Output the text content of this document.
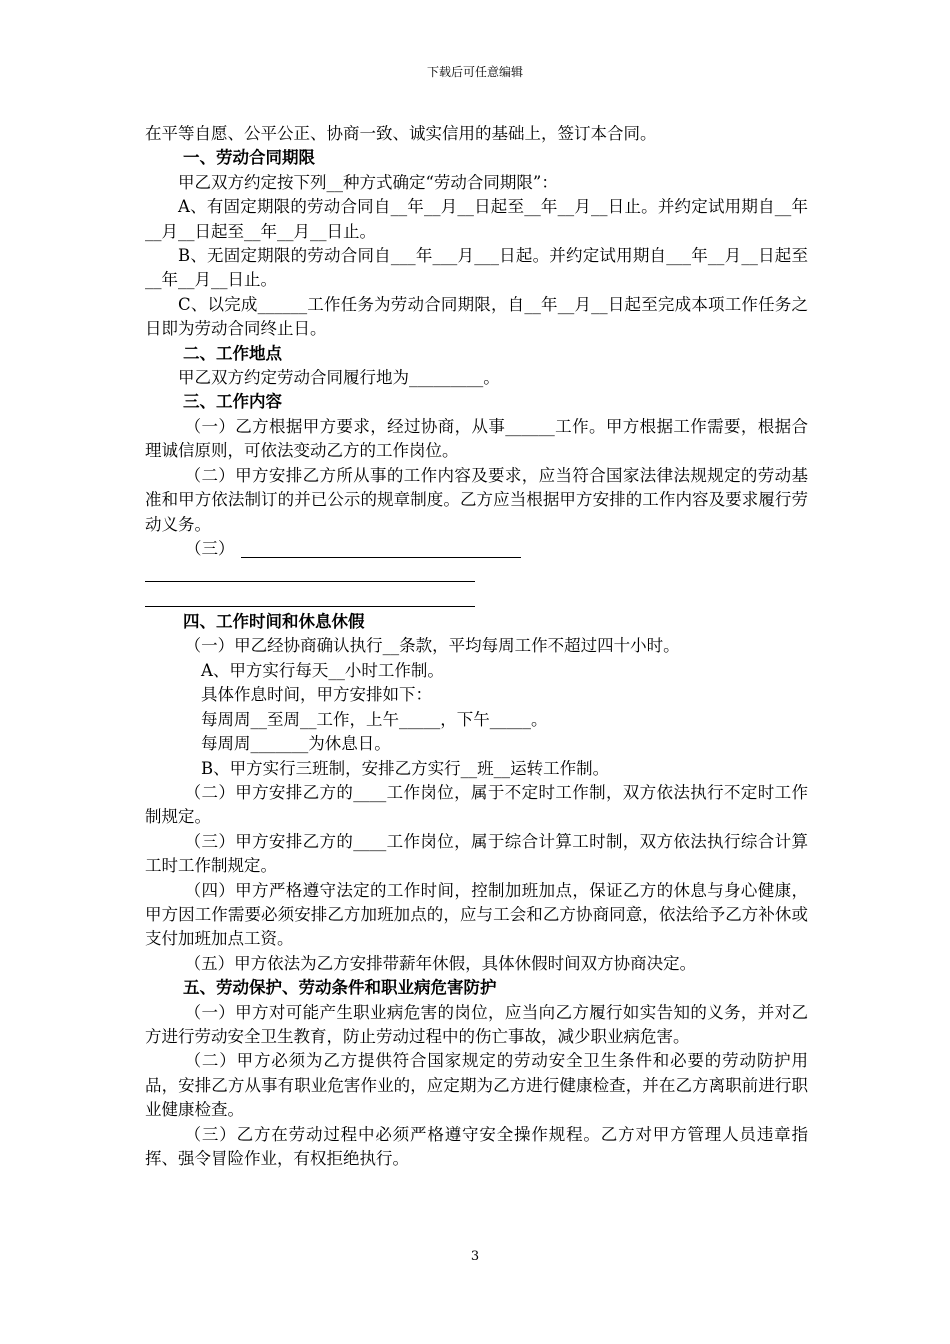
下载后可任意编辑

在平等自愿、公平公正、协商一致、诚实信用的基础上，签订本合同。

一、劳动合同期限

甲乙双方约定按下列__种方式确定“劳动合同期限”：

A、有固定期限的劳动合同自__年__月__日起至__年__月__日止。并约定试用期自__年__月__日起至__年__月__日止。

B、无固定期限的劳动合同自___年___月___日起。并约定试用期自___年__月__日起至__年__月__日止。

C、以完成______工作任务为劳动合同期限，自__年__月__日起至完成本项工作任务之日即为劳动合同终止日。

二、工作地点

甲乙双方约定劳动合同履行地为_________。

三、工作内容

（一）乙方根据甲方要求，经过协商，从事______工作。甲方根据工作需要，根据合理诚信原则，可依法变动乙方的工作岗位。

（二）甲方安排乙方所从事的工作内容及要求，应当符合国家法律法规规定的劳动基准和甲方依法制订的并已公示的规章制度。乙方应当根据甲方安排的工作内容及要求履行劳动义务。

（三）

四、工作时间和休息休假

（一）甲乙经协商确认执行__条款，平均每周工作不超过四十小时。

A、甲方实行每天__小时工作制。

具体作息时间，甲方安排如下：

每周周__至周__工作，上午_____，下午_____。

每周周_______为休息日。

B、甲方实行三班制，安排乙方实行__班__运转工作制。

（二）甲方安排乙方的____工作岗位，属于不定时工作制，双方依法执行不定时工作制规定。

（三）甲方安排乙方的____工作岗位，属于综合计算工时制，双方依法执行综合计算工时工作制规定。

（四）甲方严格遵守法定的工作时间，控制加班加点，保证乙方的休息与身心健康，甲方因工作需要必须安排乙方加班加点的，应与工会和乙方协商同意，依法给予乙方补休或支付加班加点工资。

（五）甲方依法为乙方安排带薪年休假，具体休假时间双方协商决定。

五、劳动保护、劳动条件和职业病危害防护

（一）甲方对可能产生职业病危害的岗位，应当向乙方履行如实告知的义务，并对乙方进行劳动安全卫生教育，防止劳动过程中的伤亡事故，减少职业病危害。

（二）甲方必须为乙方提供符合国家规定的劳动安全卫生条件和必要的劳动防护用品，安排乙方从事有职业危害作业的，应定期为乙方进行健康检查，并在乙方离职前进行职业健康检查。

（三）乙方在劳动过程中必须严格遵守安全操作规程。乙方对甲方管理人员违章指挥、强令冒险作业，有权拒绝执行。

3
